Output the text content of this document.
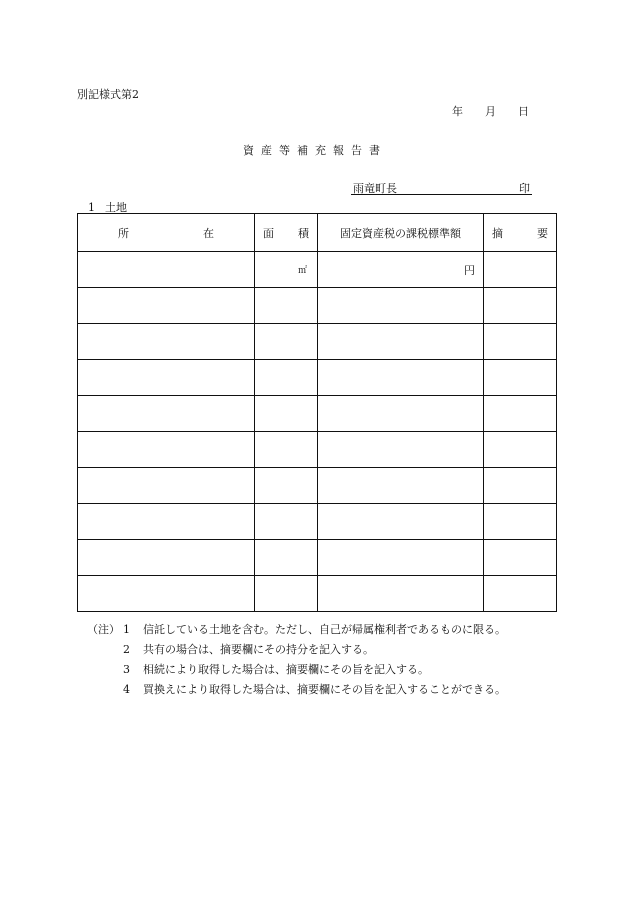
別記様式第2
年 月 日
資産等補充報告書
雨竜町長	印
1 土地
所 在	面 積	固定資産税の課税標準額	摘 要

	㎡	円	

（注） 1	信託している土地を含む。ただし、自己が帰属権利者であるものに限る。
2	共有の場合は、摘要欄にその持分を記入する。
3	相続により取得した場合は、摘要欄にその旨を記入する。
4	買換えにより取得した場合は、摘要欄にその旨を記入することができる。
